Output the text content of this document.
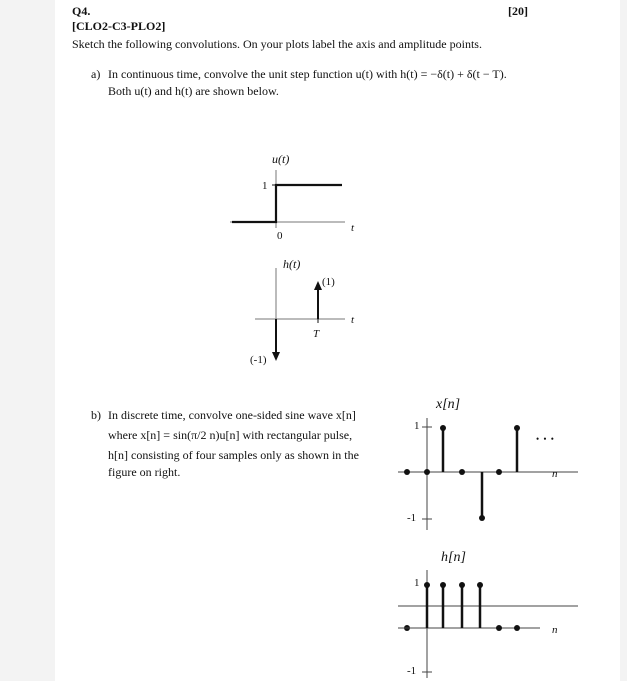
Q4.	[20]
[CLO2-C3-PLO2]
Sketch the following convolutions. On your plots label the axis and amplitude points.
a) In continuous time, convolve the unit step function u(t) with h(t) = −δ(t) + δ(t − T).
Both u(t) and h(t) are shown below.
u(t)
1
0
t
h(t)
(1)
T
t
(-1)
b) In discrete time, convolve one-sided sine wave x[n]
where x[n] = sin(π/2 n)u[n] with rectangular pulse,
h[n] consisting of four samples only as shown in the
figure on right.
x[n]
1
-1
n
• • •
h[n]
1
-1
n
